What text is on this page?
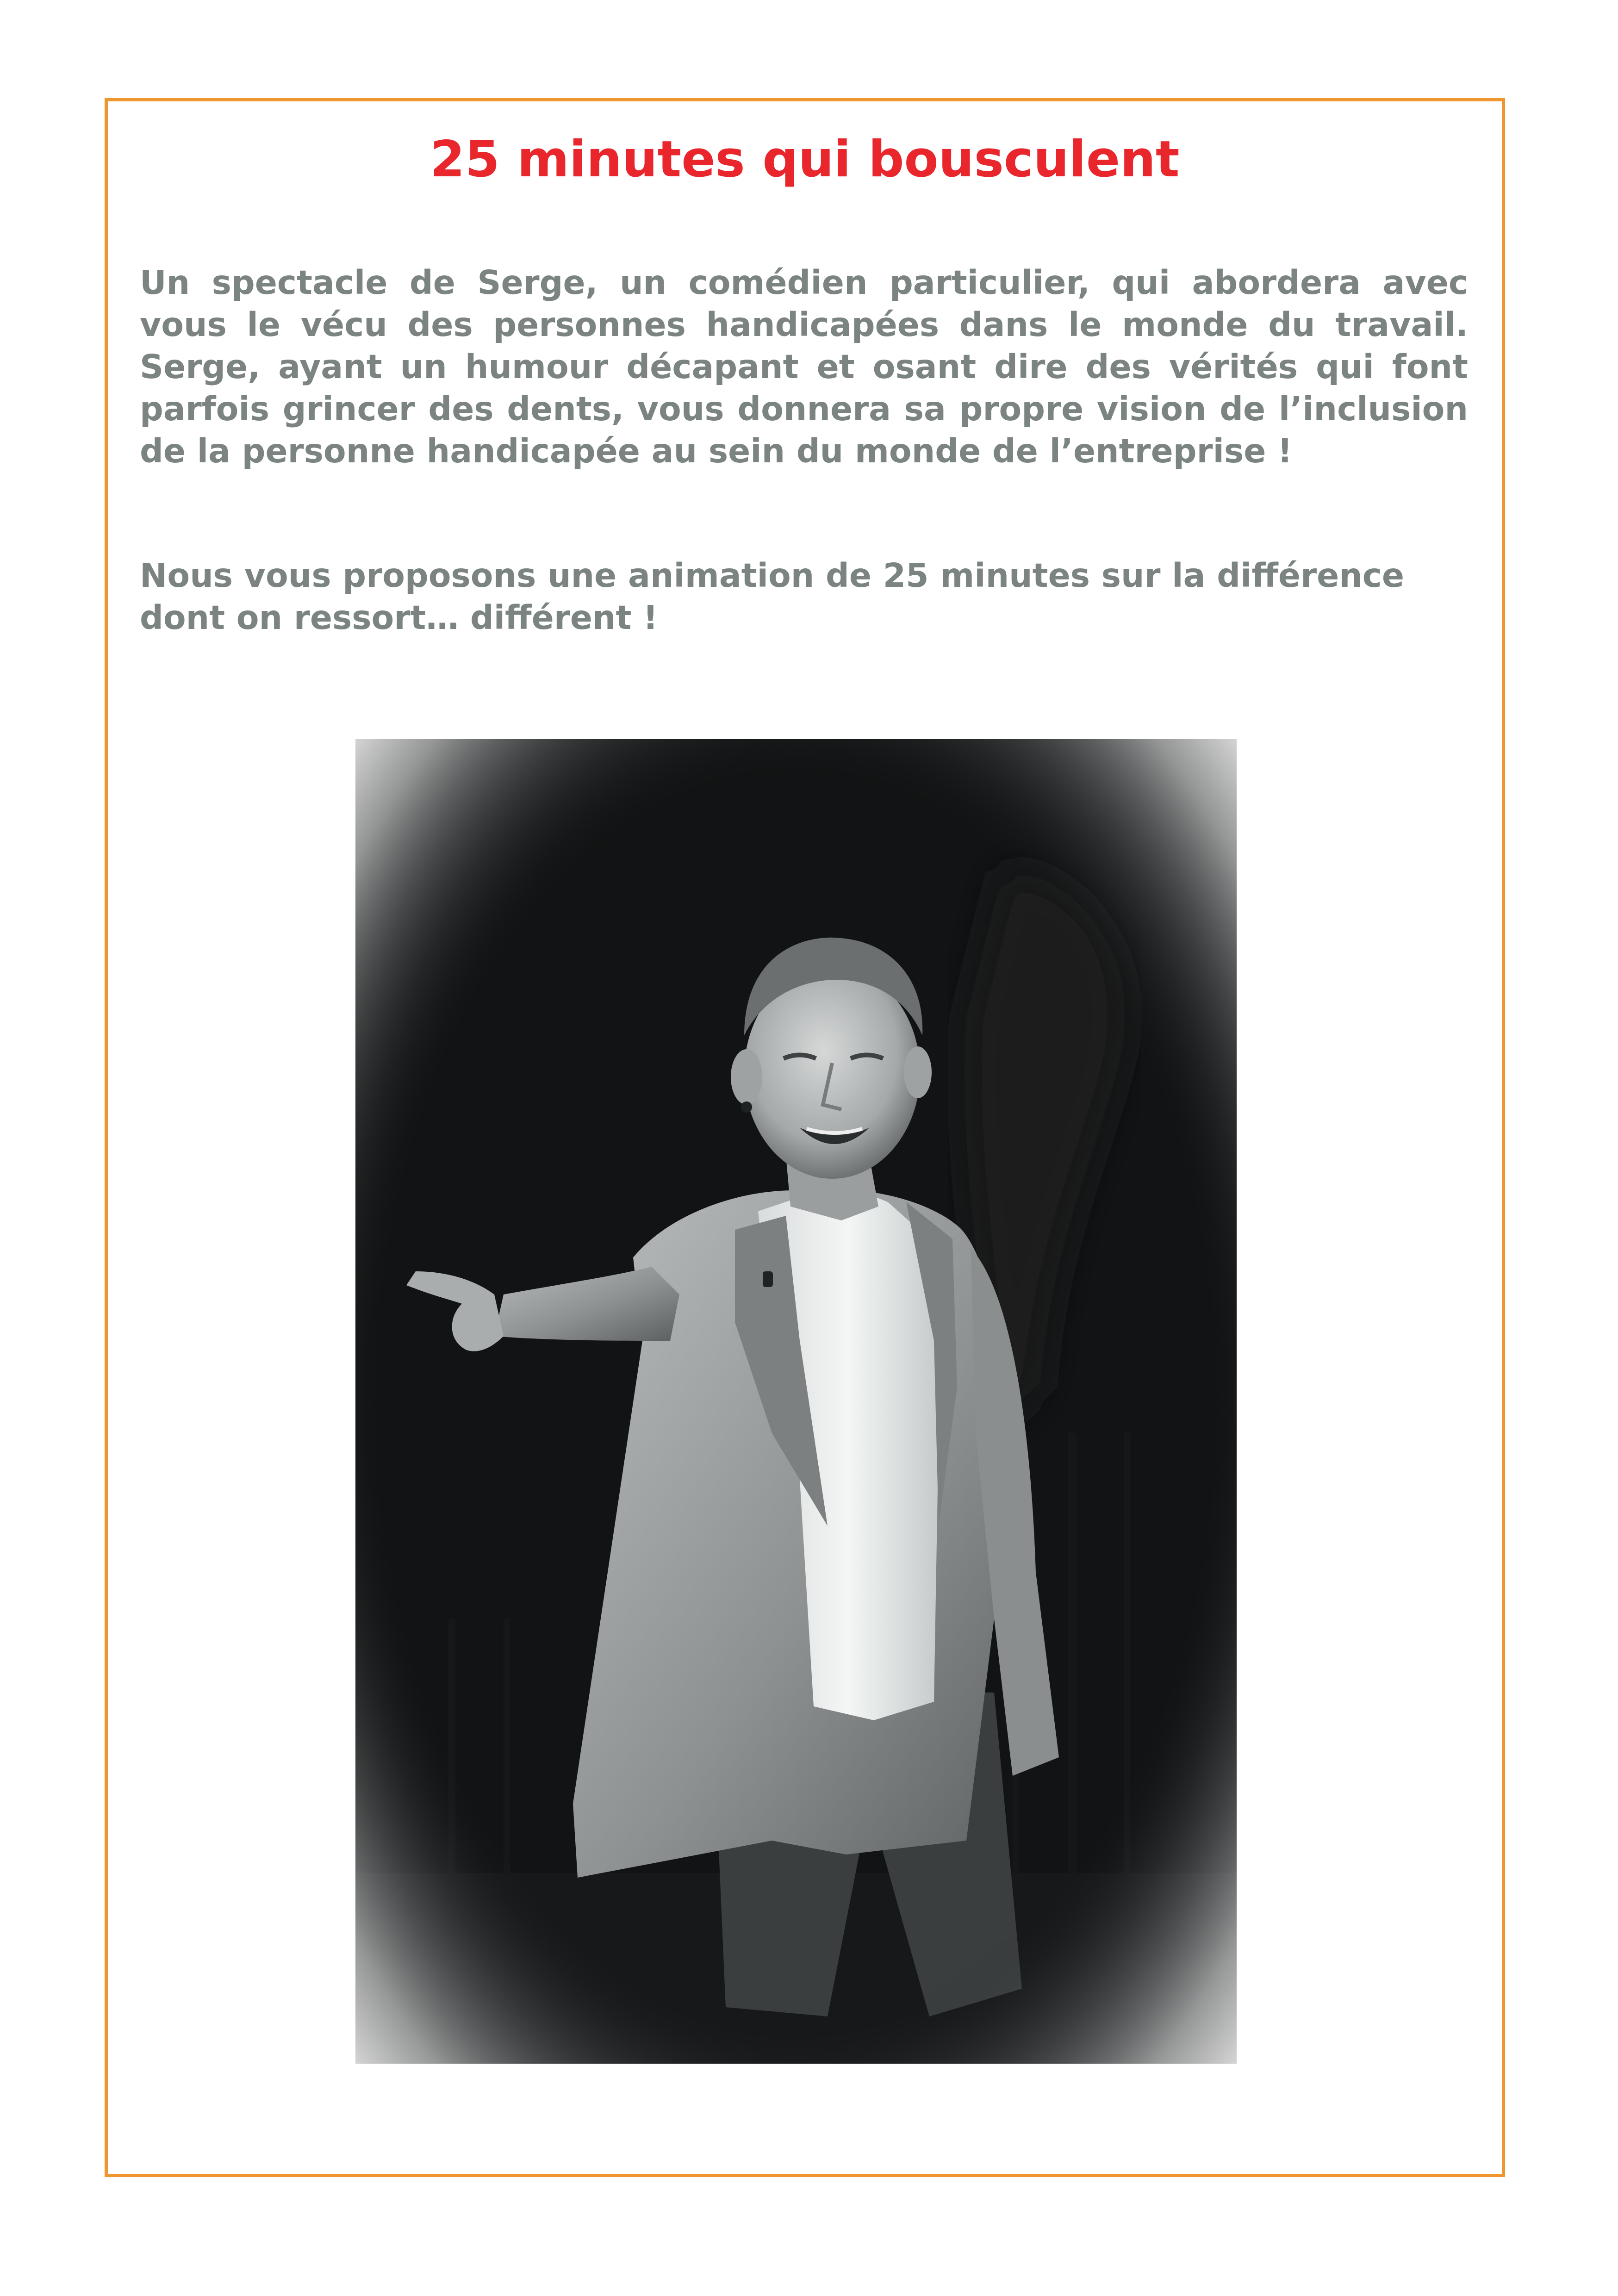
25 minutes qui bousculent

Un spectacle de Serge, un comédien particulier, qui abordera avec vous le vécu des personnes handicapées dans le monde du travail. Serge, ayant un humour décapant et osant dire des vérités qui font parfois grincer des dents, vous donnera sa propre vision de l’inclusion de la personne handicapée au sein du monde de l’entreprise !

Nous vous proposons une animation de 25 minutes sur la différence dont on ressort… différent !
